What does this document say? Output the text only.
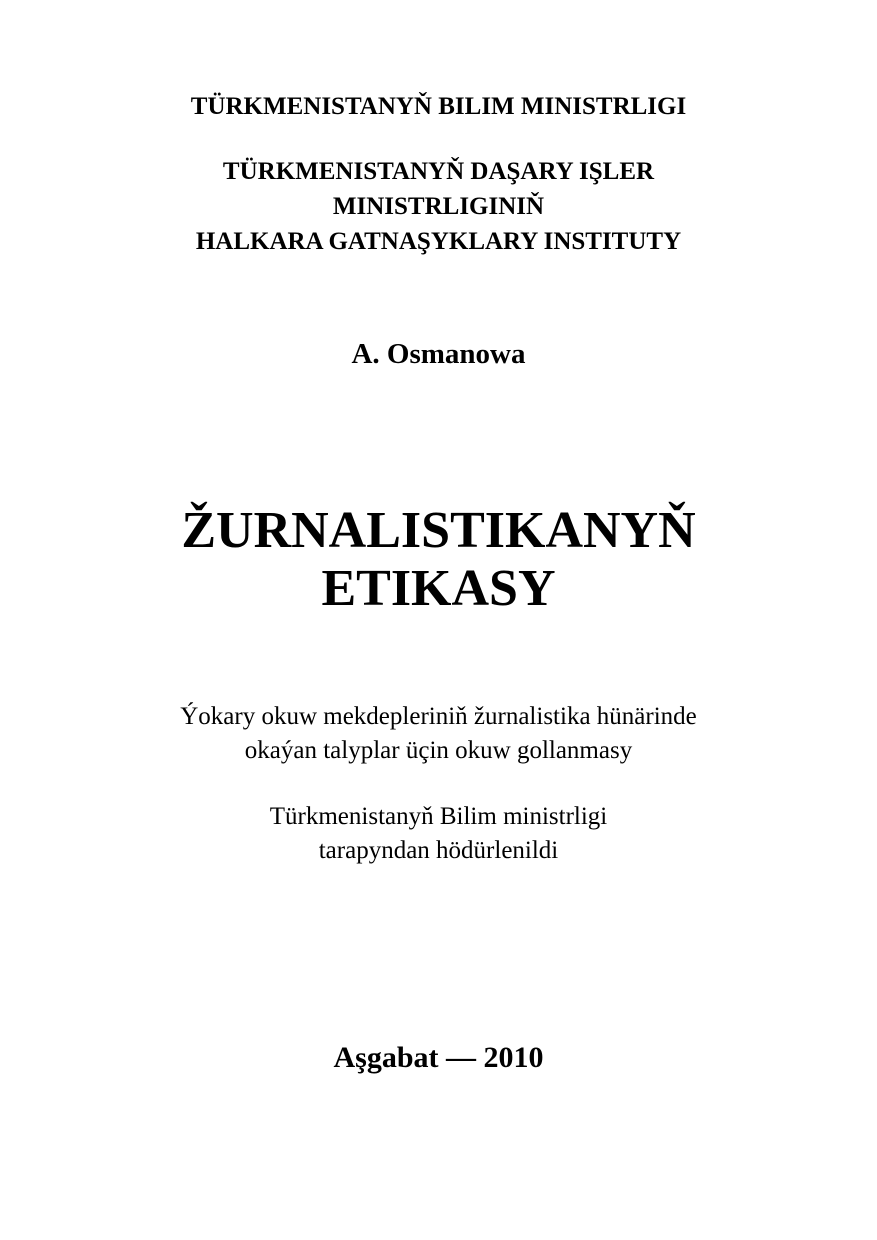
TÜRKMENISTANYŇ BILIM MINISTRLIGI
TÜRKMENISTANYŇ DAŞARY IŞLER
MINISTRLIGINIŇ
HALKARA GATNAŞYKLARY INSTITUTY
A. Osmanowa
ŽURNALISTIKANYŇ
ETIKASY
Ýokary okuw mekdepleriniň žurnalistika hünärinde
okaýan talyplar üçin okuw gollanmasy
Türkmenistanyň Bilim ministrligi
tarapyndan hödürlenildi
Aşgabat — 2010
